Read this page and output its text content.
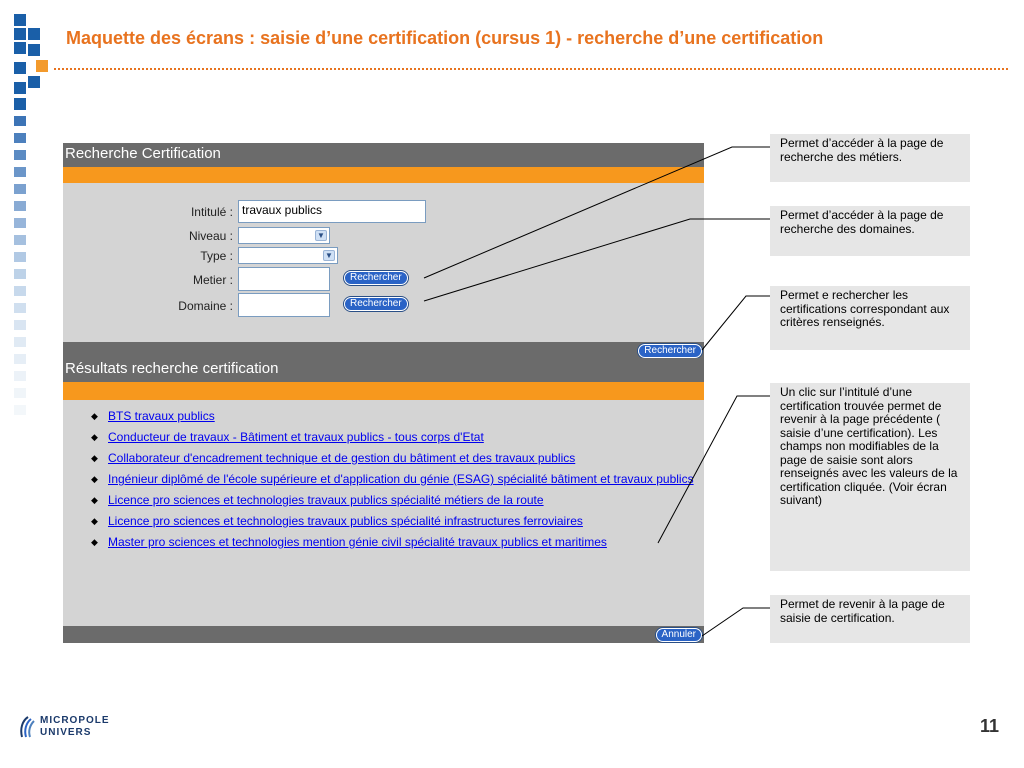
Maquette des écrans : saisie d’une certification (cursus 1) - recherche d’une certification
Recherche Certification
Intitulé : travaux publics
Niveau :	▼
Type :	▼
Metier :	Rechercher
Domaine :	Rechercher
Rechercher
Résultats recherche certification
◆ BTS travaux publics
◆ Conducteur de travaux - Bâtiment et travaux publics - tous corps d'Etat
◆ Collaborateur d'encadrement technique et de gestion du bâtiment et des travaux publics
◆ Ingénieur diplômé de l'école supérieure et d'application du génie (ESAG) spécialité bâtiment et travaux publics
◆ Licence pro sciences et technologies travaux publics spécialité métiers de la route
◆ Licence pro sciences et technologies travaux publics spécialité infrastructures ferroviaires
◆ Master pro sciences et technologies mention génie civil spécialité travaux publics et maritimes
Annuler
Permet d’accéder à la page de recherche des métiers.
Permet d’accéder à la page de recherche des domaines.
Permet e rechercher les certifications correspondant aux critères renseignés.
Un clic sur l’intitulé d’une certification trouvée permet de revenir à la page précédente ( saisie d’une certification). Les champs non modifiables de la page de saisie sont alors renseignés avec les valeurs de la certification cliquée. (Voir écran suivant)
Permet de revenir à la page de saisie de certification.
MICROPOLE
UNIVERS	11
